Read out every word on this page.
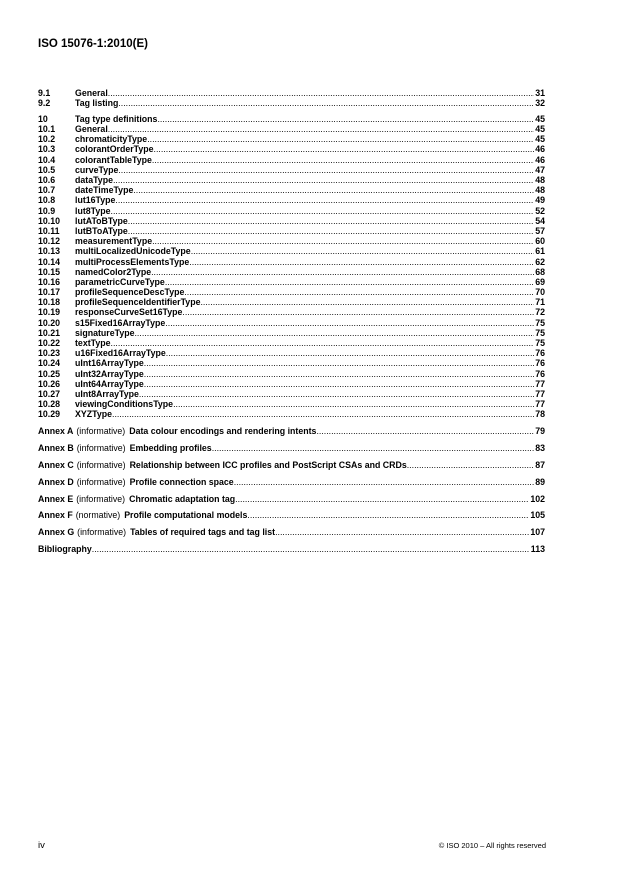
ISO 15076-1:2010(E)
9.1	General .....	31
9.2	Tag listing .....	32
10	Tag type definitions .....	45
10.1	General .....	45
10.2	chromaticityType .....	45
10.3	colorantOrderType .....	46
10.4	colorantTableType .....	46
10.5	curveType .....	47
10.6	dataType .....	48
10.7	dateTimeType .....	48
10.8	lut16Type .....	49
10.9	lut8Type .....	52
10.10	lutAToBType .....	54
10.11	lutBToAType .....	57
10.12	measurementType .....	60
10.13	multiLocalizedUnicodeType .....	61
10.14	multiProcessElementsType .....	62
10.15	namedColor2Type .....	68
10.16	parametricCurveType .....	69
10.17	profileSequenceDescType .....	70
10.18	profileSequenceIdentifierType .....	71
10.19	responseCurveSet16Type .....	72
10.20	s15Fixed16ArrayType .....	75
10.21	signatureType .....	75
10.22	textType .....	75
10.23	u16Fixed16ArrayType .....	76
10.24	uInt16ArrayType .....	76
10.25	uInt32ArrayType .....	76
10.26	uInt64ArrayType .....	77
10.27	uInt8ArrayType .....	77
10.28	viewingConditionsType .....	77
10.29	XYZType .....	78
Annex A (informative) Data colour encodings and rendering intents .....	79
Annex B (informative) Embedding profiles .....	83
Annex C (informative) Relationship between ICC profiles and PostScript CSAs and CRDs .....	87
Annex D (informative) Profile connection space .....	89
Annex E (informative) Chromatic adaptation tag .....	102
Annex F (normative) Profile computational models .....	105
Annex G (informative) Tables of required tags and tag list .....	107
Bibliography .....	113
iv	© ISO 2010 – All rights reserved
